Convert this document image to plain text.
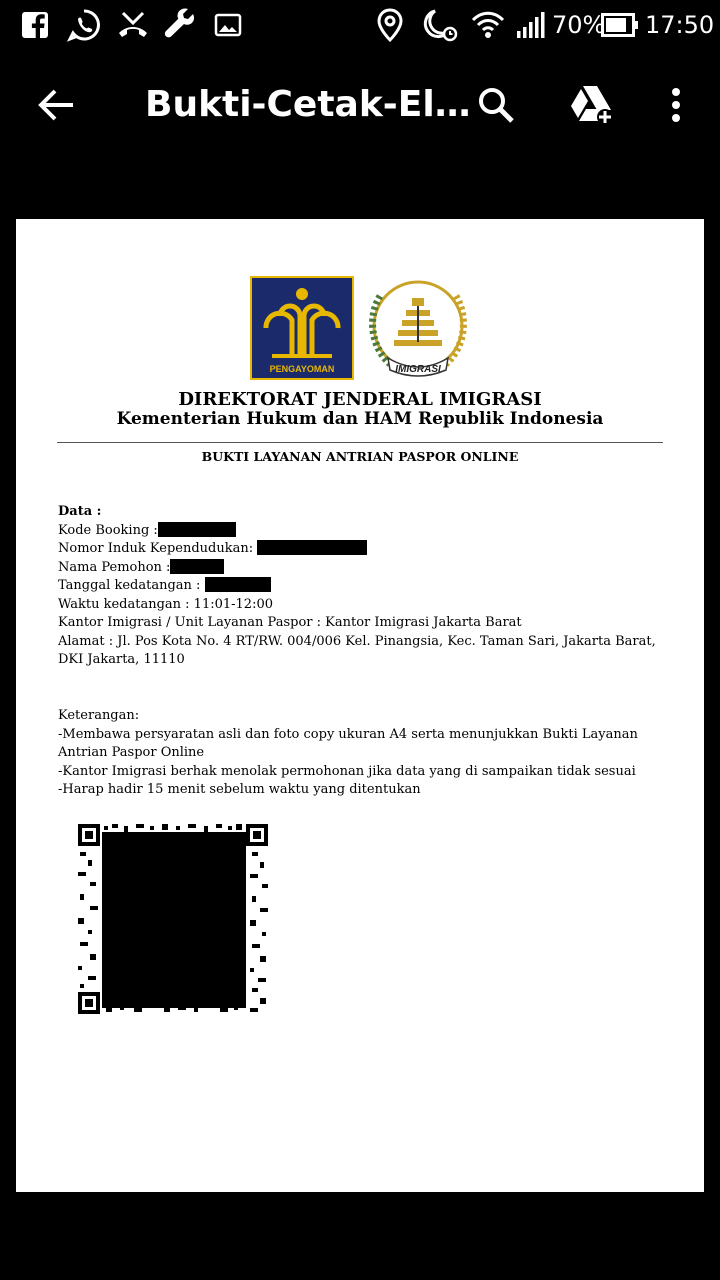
70% 17:50
Bukti-Cetak-El…
PENGAYOMAN	IMIGRASI
DIREKTORAT JENDERAL IMIGRASI
Kementerian Hukum dan HAM Republik Indonesia
BUKTI LAYANAN ANTRIAN PASPOR ONLINE
Data :
Kode Booking :
Nomor Induk Kependudukan:
Nama Pemohon :
Tanggal kedatangan :
Waktu kedatangan : 11:01-12:00
Kantor Imigrasi / Unit Layanan Paspor : Kantor Imigrasi Jakarta Barat
Alamat : Jl. Pos Kota No. 4 RT/RW. 004/006 Kel. Pinangsia, Kec. Taman Sari, Jakarta Barat, DKI Jakarta, 11110
Keterangan:
-Membawa persyaratan asli dan foto copy ukuran A4 serta menunjukkan Bukti Layanan Antrian Paspor Online
-Kantor Imigrasi berhak menolak permohonan jika data yang di sampaikan tidak sesuai
-Harap hadir 15 menit sebelum waktu yang ditentukan
